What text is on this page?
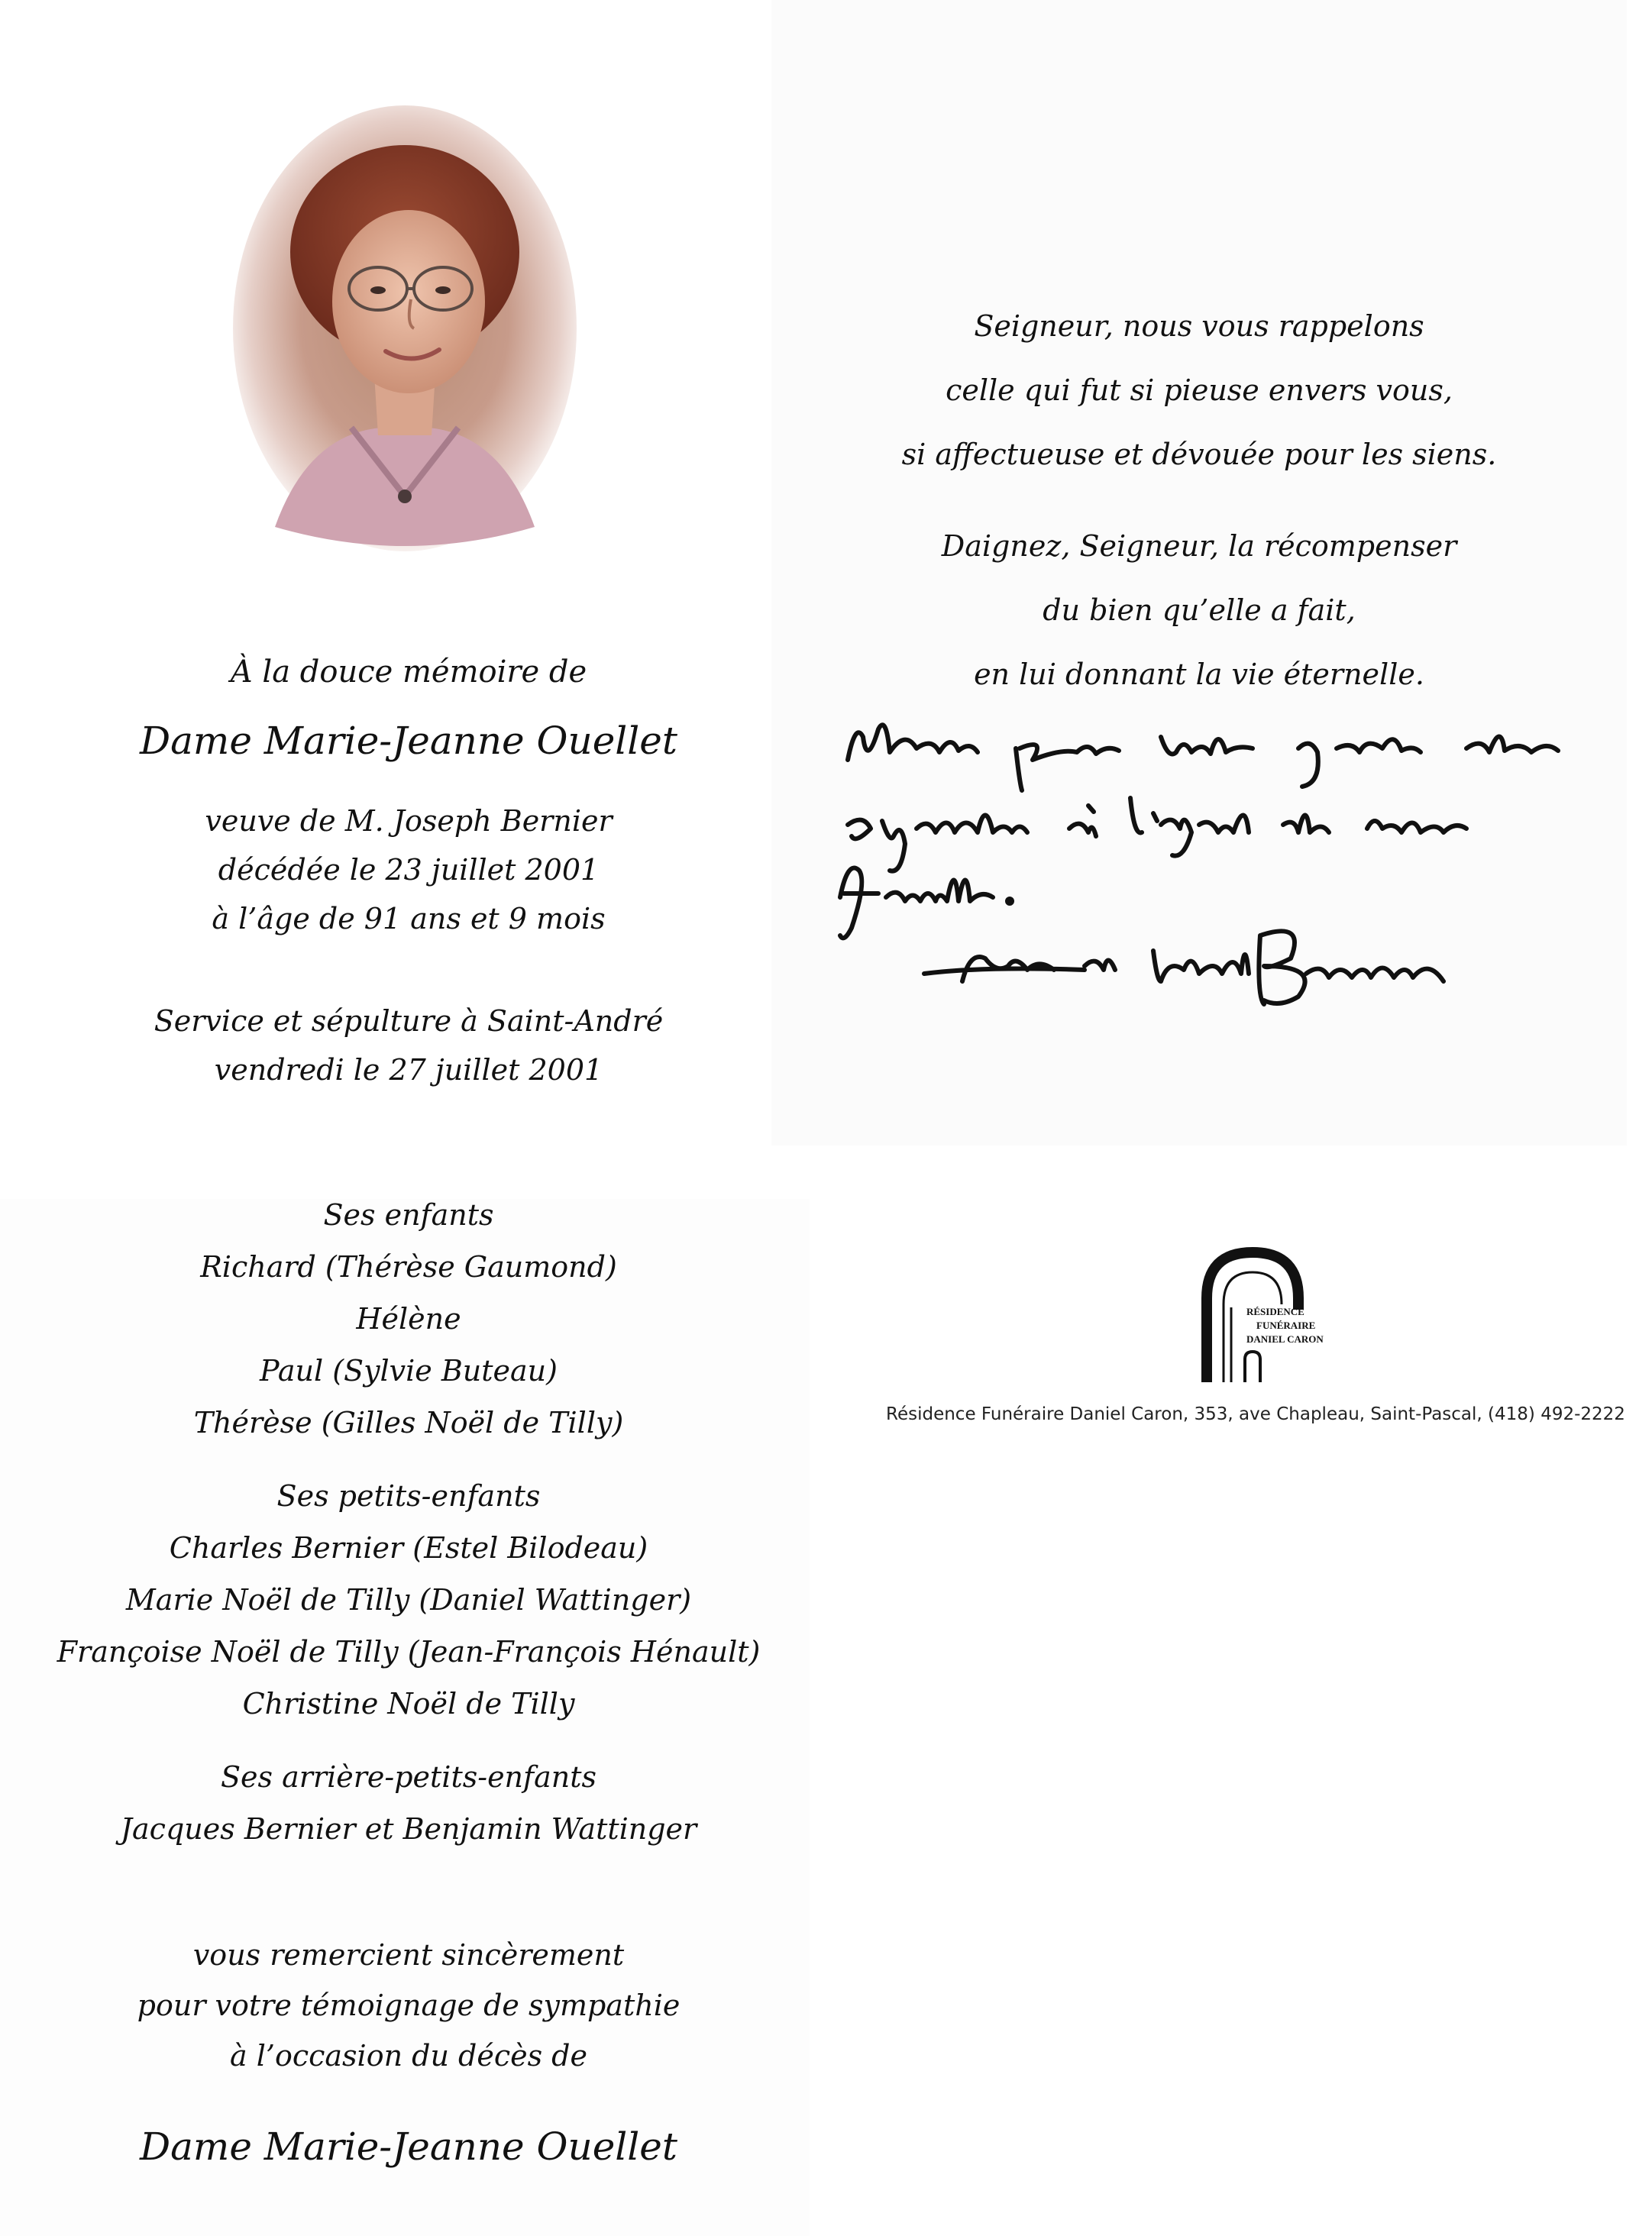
Seigneur, nous vous rappelons
celle qui fut si pieuse envers vous,
si affectueuse et dévouée pour les siens.
Daignez, Seigneur, la récompenser
du bien qu’elle a fait,
en lui donnant la vie éternelle.
À la douce mémoire de
Dame Marie-Jeanne Ouellet
veuve de M. Joseph Bernier
décédée le 23 juillet 2001
à l’âge de 91 ans et 9 mois
Service et sépulture à Saint-André
vendredi le 27 juillet 2001
Ses enfants
Richard (Thérèse Gaumond)
Hélène
Paul (Sylvie Buteau)
Thérèse (Gilles Noël de Tilly)
Ses petits-enfants
Charles Bernier (Estel Bilodeau)
Marie Noël de Tilly (Daniel Wattinger)
Françoise Noël de Tilly (Jean-François Hénault)
Christine Noël de Tilly
Ses arrière-petits-enfants
Jacques Bernier et Benjamin Wattinger
vous remercient sincèrement
pour votre témoignage de sympathie
à l’occasion du décès de
Dame Marie-Jeanne Ouellet
RÉSIDENCE
FUNÉRAIRE
DANIEL CARON
Résidence Funéraire Daniel Caron, 353, ave Chapleau, Saint-Pascal, (418) 492-2222
